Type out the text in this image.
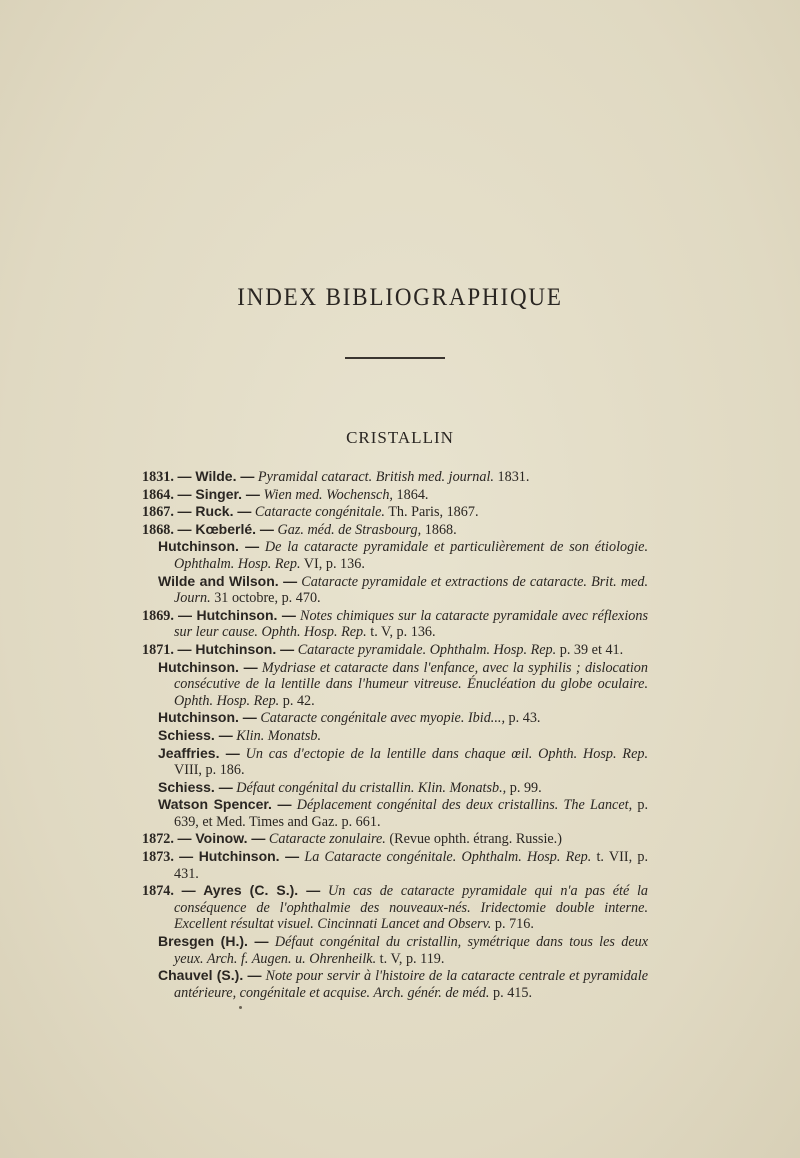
INDEX BIBLIOGRAPHIQUE
CRISTALLIN

1831. — Wilde. — Pyramidal cataract. British med. journal. 1831.

1864. — Singer. — Wien med. Wochensch, 1864.

1867. — Ruck. — Cataracte congénitale. Th. Paris, 1867.

1868. — Kœberlé. — Gaz. méd. de Strasbourg, 1868.

Hutchinson. — De la cataracte pyramidale et particulièrement de son étiologie. Ophthalm. Hosp. Rep. VI, p. 136.

Wilde and Wilson. — Cataracte pyramidale et extractions de cataracte. Brit. med. Journ. 31 octobre, p. 470.

1869. — Hutchinson. — Notes chimiques sur la cataracte pyramidale avec réflexions sur leur cause. Ophth. Hosp. Rep. t. V, p. 136.

1871. — Hutchinson. — Cataracte pyramidale. Ophthalm. Hosp. Rep. p. 39 et 41.

Hutchinson. — Mydriase et cataracte dans l'enfance, avec la syphilis ; dislocation consécutive de la lentille dans l'humeur vitreuse. Énucléation du globe oculaire. Ophth. Hosp. Rep. p. 42.

Hutchinson. — Cataracte congénitale avec myopie. Ibid..., p. 43.

Schiess. — Klin. Monatsb.

Jeaffries. — Un cas d'ectopie de la lentille dans chaque œil. Ophth. Hosp. Rep. VIII, p. 186.

Schiess. — Défaut congénital du cristallin. Klin. Monatsb., p. 99.

Watson Spencer. — Déplacement congénital des deux cristallins. The Lancet, p. 639, et Med. Times and Gaz. p. 661.

1872. — Voinow. — Cataracte zonulaire. (Revue ophth. étrang. Russie.)

1873. — Hutchinson. — La Cataracte congénitale. Ophthalm. Hosp. Rep. t. VII, p. 431.

1874. — Ayres (C. S.). — Un cas de cataracte pyramidale qui n'a pas été la conséquence de l'ophthalmie des nouveaux-nés. Iridectomie double interne. Excellent résultat visuel. Cincinnati Lancet and Observ. p. 716.

Bresgen (H.). — Défaut congénital du cristallin, symétrique dans tous les deux yeux. Arch. f. Augen. u. Ohrenheilk. t. V, p. 119.

Chauvel (S.). — Note pour servir à l'histoire de la cataracte centrale et pyramidale antérieure, congénitale et acquise. Arch. génér. de méd. p. 415.
